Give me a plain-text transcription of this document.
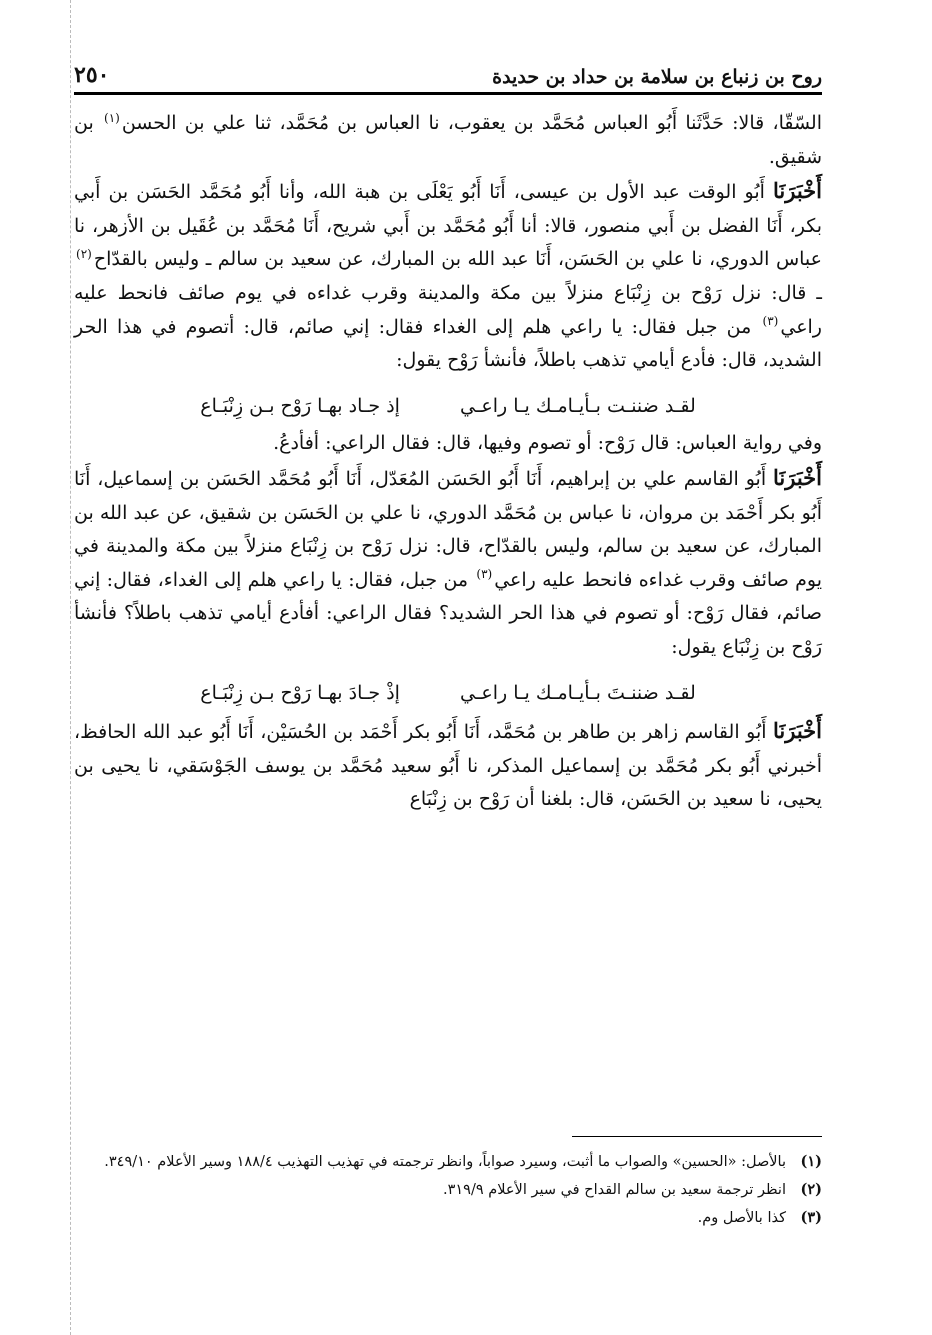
روح بن زنباع بن سلامة بن حداد بن حديدة
٢٥٠

السّقّا، قالا: حَدَّثَنا أَبُو العباس مُحَمَّد بن يعقوب، نا العباس بن مُحَمَّد، ثنا علي بن الحسن$^{(١)}$ بن شقيق.

أَخْبَرَنَا أَبُو الوقت عبد الأول بن عيسى، أَنَا أَبُو يَعْلَى بن هبة الله، وأنا أَبُو مُحَمَّد الحَسَن بن أَبي بكر، أَنَا الفضل بن أَبي منصور، قالا: أنا أَبُو مُحَمَّد بن أَبي شريح، أَنَا مُحَمَّد بن عُقَيل بن الأزهر، نا عباس الدوري، نا علي بن الحَسَن، أَنَا عبد الله بن المبارك، عن سعيد بن سالم ـ وليس بالقدّاح$^{(٢)}$ ـ قال: نزل رَوْح بن زِنْبَاع منزلاً بين مكة والمدينة وقرب غداءه في يوم صائف فانحط عليه راعي$^{(٣)}$ من جبل فقال: يا راعي هلم إلى الغداء فقال: إني صائم، قال: أتصوم في هذا الحر الشديد، قال: فأدع أيامي تذهب باطلاً، فأنشأ رَوْح يقول:

لقـد ضننـت بـأيـامـك يـا راعـي
إذ جـاد بهـا رَوْح بـن زِنْبَـاع

وفي رواية العباس: قال رَوْح: أو تصوم وفيها، قال: فقال الراعي: أفأدعُ.

أَخْبَرَنَا أَبُو القاسم علي بن إبراهيم، أَنَا أَبُو الحَسَن المُعَدّل، أَنَا أَبُو مُحَمَّد الحَسَن بن إسماعيل، أَنَا أَبُو بكر أَحْمَد بن مروان، نا عباس بن مُحَمَّد الدوري، نا علي بن الحَسَن بن شقيق، عن عبد الله بن المبارك، عن سعيد بن سالم، وليس بالقدّاح، قال: نزل رَوْح بن زِنْبَاع منزلاً بين مكة والمدينة في يوم صائف وقرب غداءه فانحط عليه راعي$^{(٣)}$ من جبل، فقال: يا راعي هلم إلى الغداء، فقال: إني صائم، فقال رَوْح: أو تصوم في هذا الحر الشديد؟ فقال الراعي: أفأدع أيامي تذهب باطلاً؟ فأنشأ رَوْح بن زِنْبَاع يقول:

لقـد ضننـتَ بـأيـامـك يـا راعـي
إذْ جـادَ بهـا رَوْح بـن زِنْبَـاع

أَخْبَرَنَا أَبُو القاسم زاهر بن طاهر بن مُحَمَّد، أَنَا أَبُو بكر أَحْمَد بن الحُسَيْن، أَنَا أَبُو عبد الله الحافظ، أخبرني أَبُو بكر مُحَمَّد بن إسماعيل المذكر، نا أَبُو سعيد مُحَمَّد بن يوسف الجَوْسَقي، نا يحيى بن يحيى، نا سعيد بن الحَسَن، قال: بلغنا أن رَوْح بن زِنْبَاع

(١)
بالأصل: «الحسين» والصواب ما أثبت، وسيرد صواباً، وانظر ترجمته في تهذيب التهذيب ١٨٨/٤ وسير الأعلام ٣٤٩/١٠.
(٢)
انظر ترجمة سعيد بن سالم القداح في سير الأعلام ٣١٩/٩.
(٣)
كذا بالأصل وم.
